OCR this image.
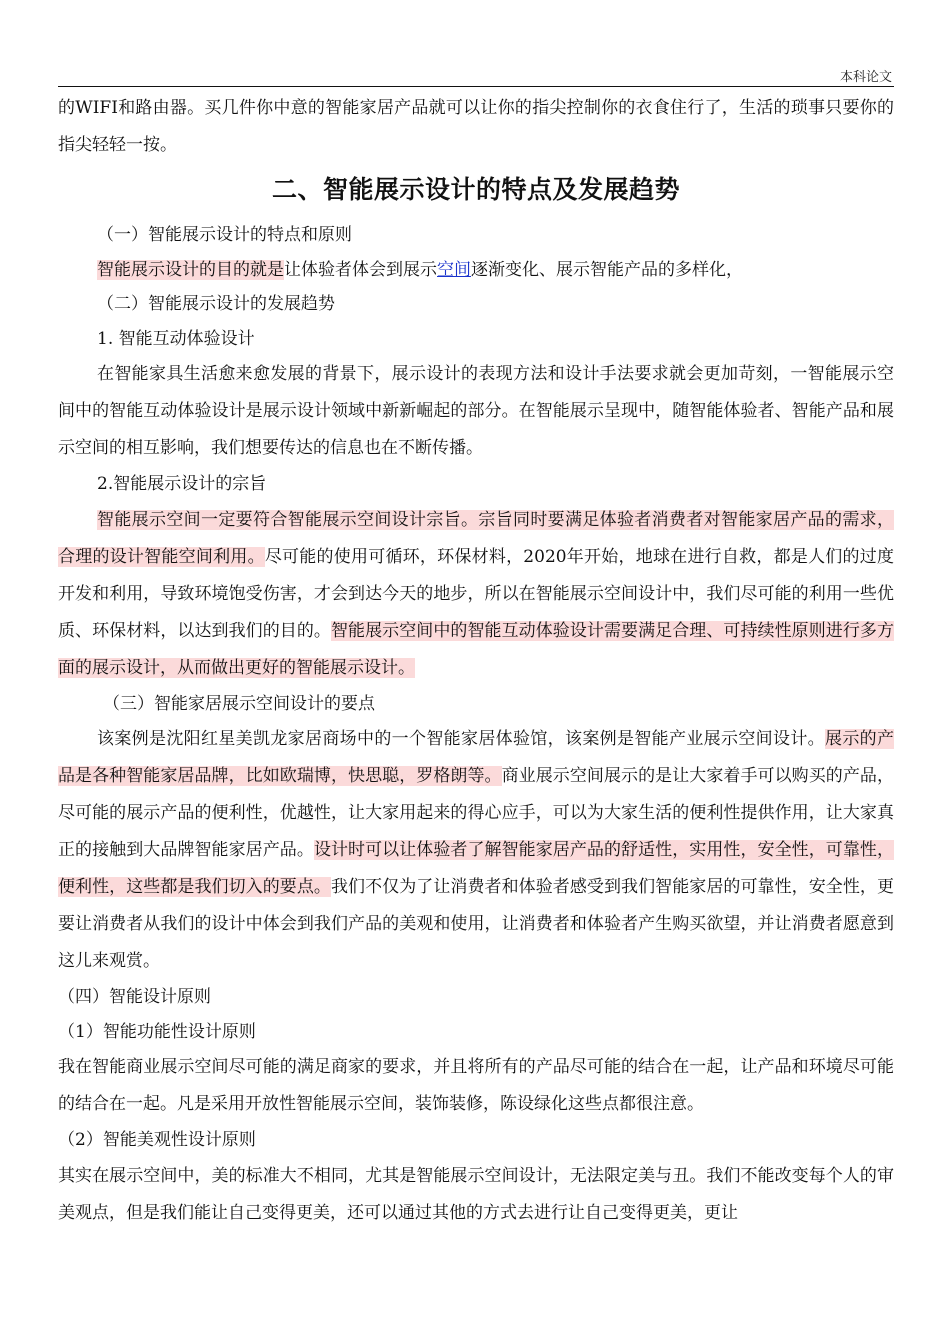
本科论文

的WIFI和路由器。买几件你中意的智能家居产品就可以让你的指尖控制你的衣食住行了，生活的琐事只要你的指尖轻轻一按。

二、智能展示设计的特点及发展趋势

（一）智能展示设计的特点和原则

智能展示设计的目的就是让体验者体会到展示空间逐渐变化、展示智能产品的多样化，

（二）智能展示设计的发展趋势

1. 智能互动体验设计

在智能家具生活愈来愈发展的背景下，展示设计的表现方法和设计手法要求就会更加苛刻，一智能展示空间中的智能互动体验设计是展示设计领域中新新崛起的部分。在智能展示呈现中，随智能体验者、智能产品和展示空间的相互影响，我们想要传达的信息也在不断传播。

2.智能展示设计的宗旨

智能展示空间一定要符合智能展示空间设计宗旨。宗旨同时要满足体验者消费者对智能家居产品的需求，合理的设计智能空间利用。尽可能的使用可循环，环保材料，2020年开始，地球在进行自救，都是人们的过度开发和利用，导致环境饱受伤害，才会到达今天的地步，所以在智能展示空间设计中，我们尽可能的利用一些优质、环保材料，以达到我们的目的。智能展示空间中的智能互动体验设计需要满足合理、可持续性原则进行多方面的展示设计，从而做出更好的智能展示设计。

（三）智能家居展示空间设计的要点

该案例是沈阳红星美凯龙家居商场中的一个智能家居体验馆，该案例是智能产业展示空间设计。展示的产品是各种智能家居品牌，比如欧瑞博，快思聪，罗格朗等。商业展示空间展示的是让大家着手可以购买的产品，尽可能的展示产品的便利性，优越性，让大家用起来的得心应手，可以为大家生活的便利性提供作用，让大家真正的接触到大品牌智能家居产品。设计时可以让体验者了解智能家居产品的舒适性，实用性，安全性，可靠性，便利性，这些都是我们切入的要点。我们不仅为了让消费者和体验者感受到我们智能家居的可靠性，安全性，更要让消费者从我们的设计中体会到我们产品的美观和使用，让消费者和体验者产生购买欲望，并让消费者愿意到这儿来观赏。

（四）智能设计原则

（1）智能功能性设计原则

我在智能商业展示空间尽可能的满足商家的要求，并且将所有的产品尽可能的结合在一起，让产品和环境尽可能的结合在一起。凡是采用开放性智能展示空间，装饰装修，陈设绿化这些点都很注意。

（2）智能美观性设计原则

其实在展示空间中，美的标准大不相同，尤其是智能展示空间设计，无法限定美与丑。我们不能改变每个人的审美观点，但是我们能让自己变得更美，还可以通过其他的方式去进行让自己变得更美，更让
